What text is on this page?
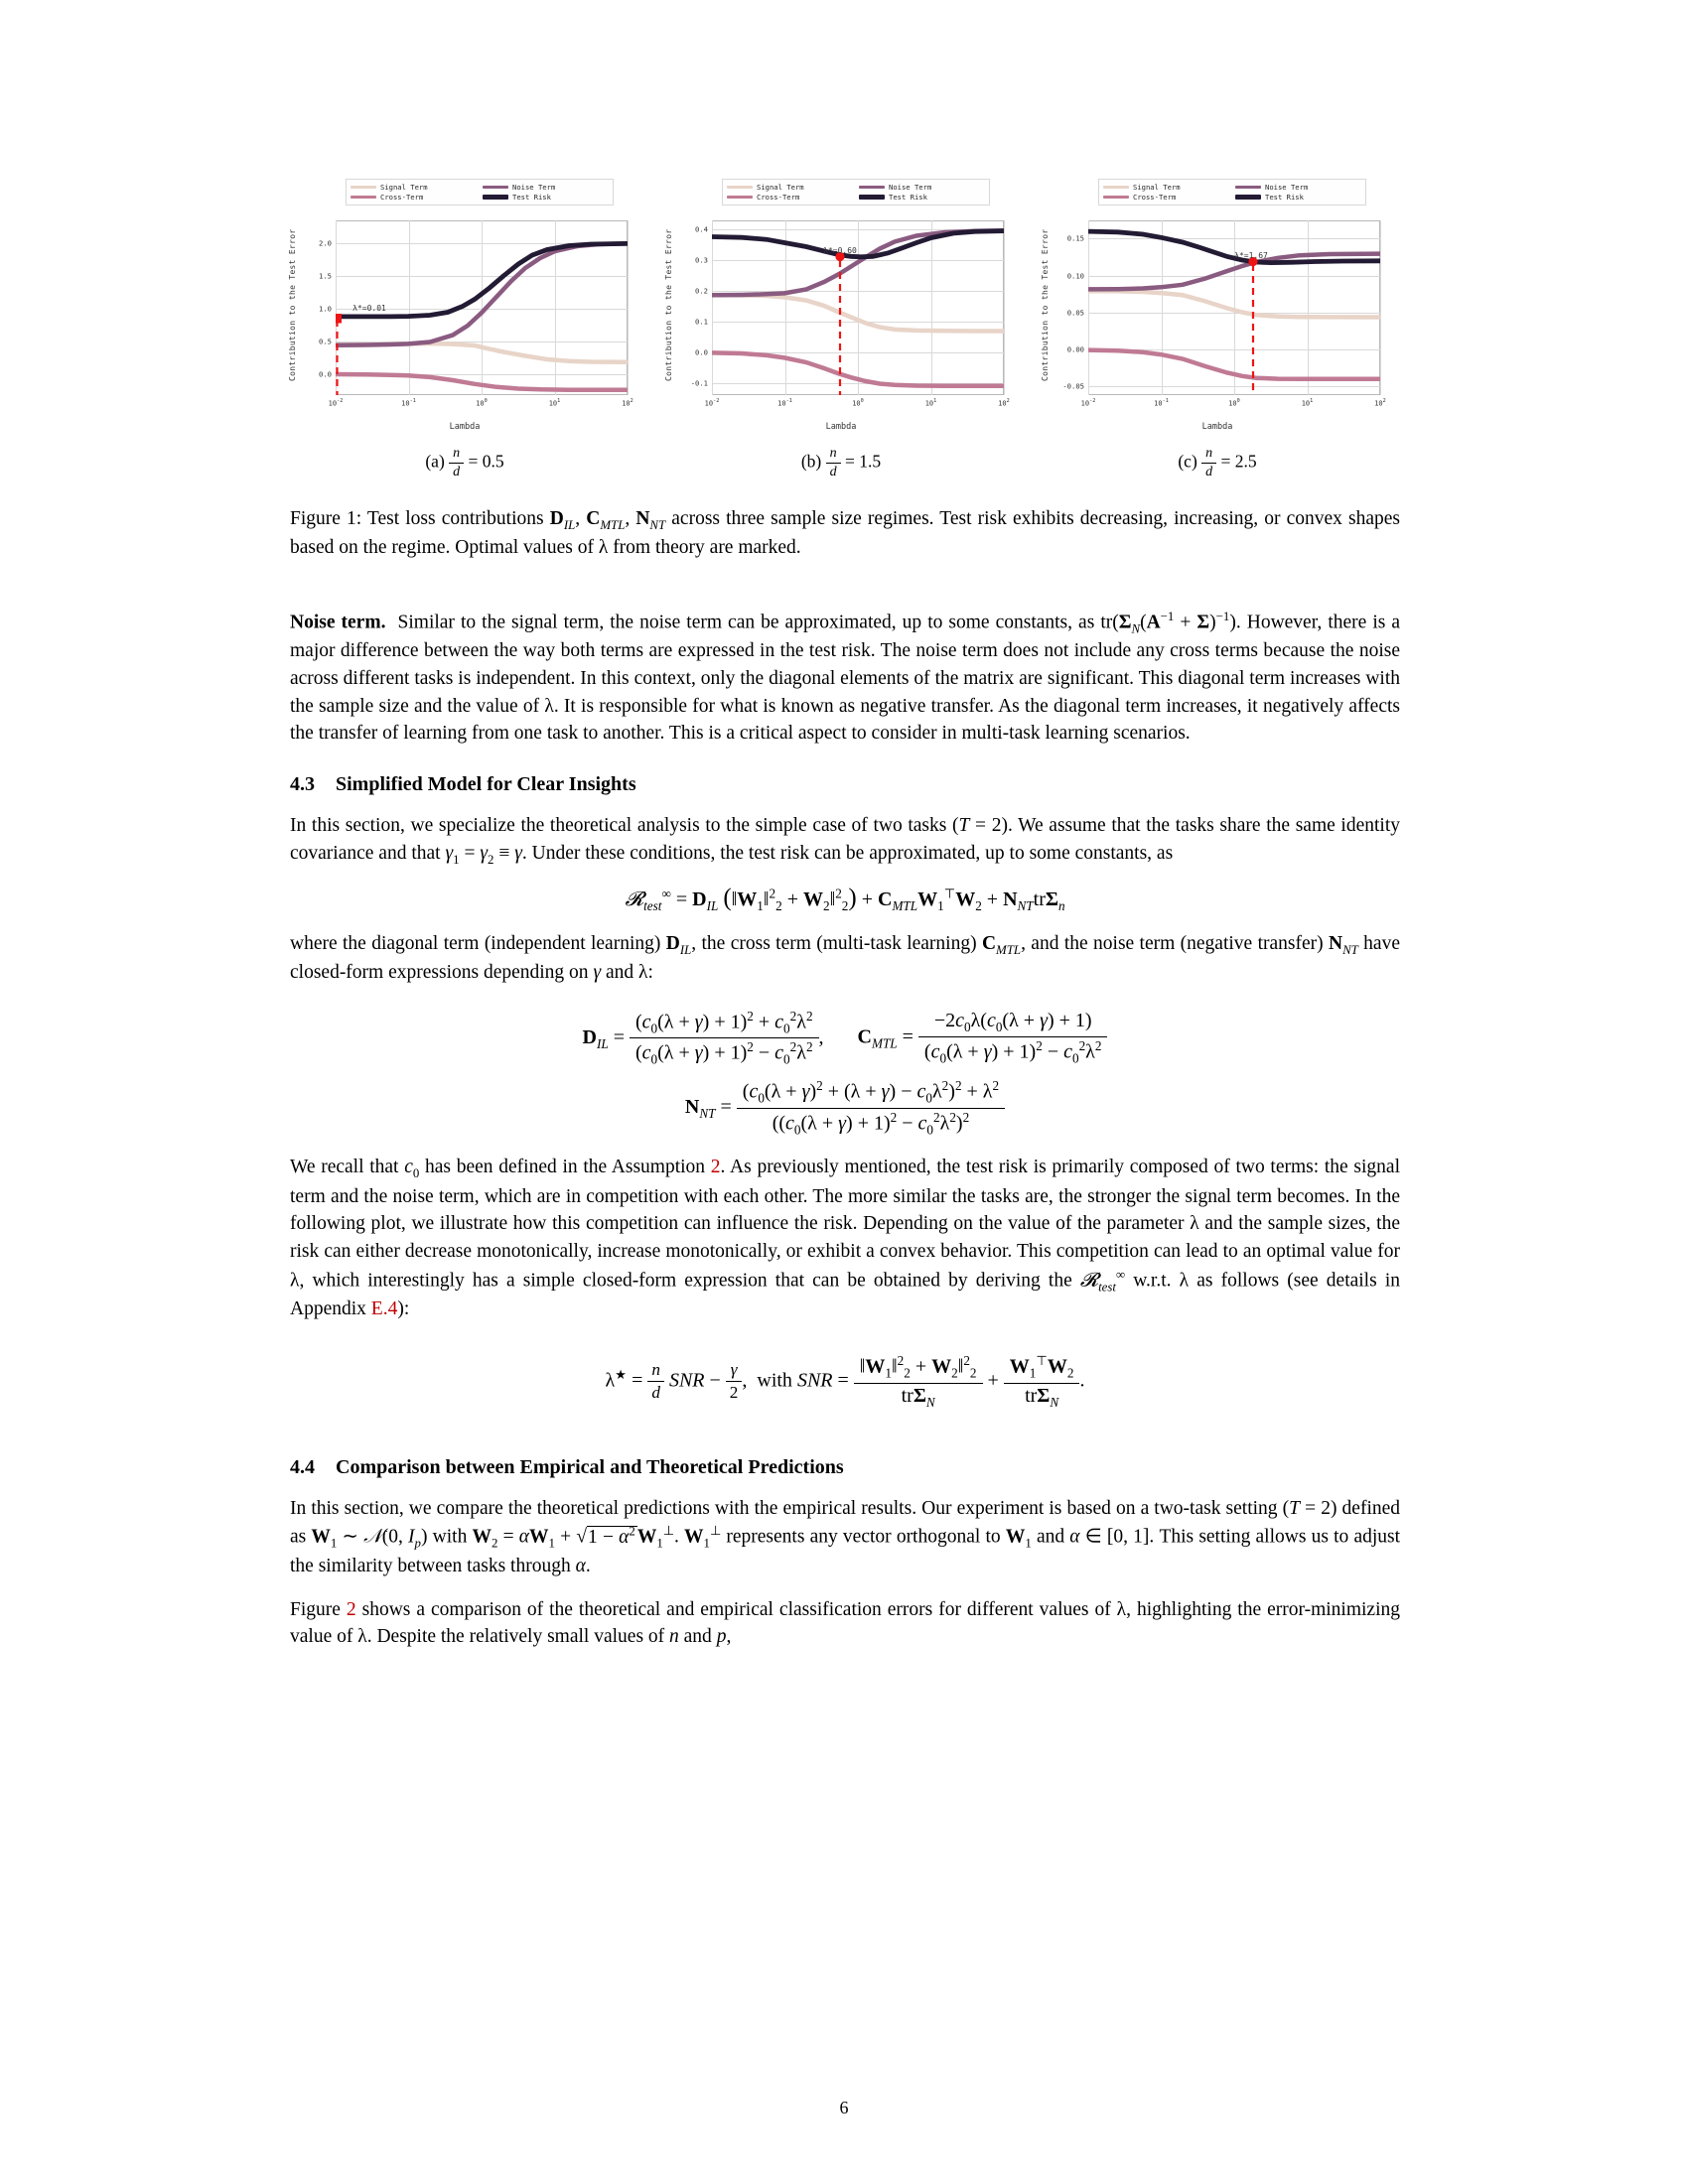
Signal Term	Noise Term
Cross-Term	Test Risk
Contribution to the Test Error	2.0
1.5
1.0
0.5
0.0
$10^{-2}$	$10^{-1}$	$10^0$	$10^1$	$10^2$
λ*=0.01
Lambda
$(a) \frac{n}{d} = 0.5$
Signal Term	Noise Term
Cross-Term	Test Risk
Contribution to the Test Error	0.4
0.3
0.2
0.1
0.0
-0.1
$10^{-2}$	$10^{-1}$	$10^0$	$10^1$	$10^2$
λ*=0.60
Lambda
$(b) \frac{n}{d} = 1.5$
Signal Term	Noise Term
Cross-Term	Test Risk
Contribution to the Test Error 0.15
0.10
0.05
0.00
-0.05
$10^{-2}$	$10^{-1}$	$10^0$	$10^1$	$10^2$
λ*=1.67
Lambda
$(c) \frac{n}{d} = 2.5$
Figure 1: Test loss contributions $D_{IL}$, $C_{MTL}$, $N_{NT}$ across three sample size regimes. Test risk exhibits decreasing, increasing, or convex shapes based on the regime. Optimal values of λ from theory are marked.

Noise term. Similar to the signal term, the noise term can be approximated, up to some constants, as $tr(\Sigma_N(A^{-1} + \Sigma)^{-1})$. However, there is a major difference between the way both terms are expressed in the test risk. The noise term does not include any cross terms because the noise across different tasks is independent. In this context, only the diagonal elements of the matrix are significant. This diagonal term increases with the sample size and the value of λ. It is responsible for what is known as negative transfer. As the diagonal term increases, it negatively affects the transfer of learning from one task to another. This is a critical aspect to consider in multi-task learning scenarios.

4.3 Simplified Model for Clear Insights

In this section, we specialize the theoretical analysis to the simple case of two tasks (T = 2). We assume that the tasks share the same identity covariance and that $\gamma_1 = \gamma_2 \equiv \gamma$. Under these conditions, the test risk can be approximated, up to some constants, as

𝓡$_{test}$∞ = $D_{IL}$ ($‖W_1‖^2_2$ + $W_2‖^2_2) + C_{MTL}W_1^⊤W_2 + N_{NT}tr\Sigma_n$

where the diagonal term (independent learning) $D_{IL}$, the cross term (multi-task learning) $C_{MTL}$, and the noise term (negative transfer) $N_{NT}$ have closed-form expressions depending on γ and λ:

$D_{IL} = \frac{(c_0(\lambda + \gamma) + 1)^2 + c_0^2\lambda^2}{(c_0(\lambda + \gamma) + 1)^2 - c_0^2\lambda^2}$ , $C_{MTL} = \frac{-2c_0\lambda(c_0(\lambda + \gamma) + 1)}{(c_0(\lambda + \gamma) + 1)^2 - c_0^2\lambda^2}$
$N_{NT} = \frac{(c_0(\lambda + \gamma)^2 + (\lambda + \gamma) - c_0\lambda^2)^2 + \lambda^2}{((c_0(\lambda + \gamma) + 1)^2 - c_0^2\lambda^2)^2}$

We recall that $c_0$ has been defined in the Assumption 2. As previously mentioned, the test risk is primarily composed of two terms: the signal term and the noise term, which are in competition with each other. The more similar the tasks are, the stronger the signal term becomes. In the following plot, we illustrate how this competition can influence the risk. Depending on the value of the parameter λ and the sample sizes, the risk can either decrease monotonically, increase monotonically, or exhibit a convex behavior. This competition can lead to an optimal value for λ, which interestingly has a simple closed-form expression that can be obtained by deriving the 𝓡$_{test}$∞ w.r.t. λ as follows (see details in Appendix E.4):

$\lambda^★ = \frac{n}{d}$ SNR − $\frac{\gamma}{2}$ ,  with SNR = $\frac{‖W_1‖^2_2 + W_2‖^2_2}{tr\Sigma_N} + \frac{W_1^⊤W_2}{tr\Sigma_N}$ .
4.4 Comparison between Empirical and Theoretical Predictions

In this section, we compare the theoretical predictions with the empirical results. Our experiment is based on a two-task setting (T = 2) defined as $W_1$ ∼ 𝒩(0, $I_p$) with $W_2 = \alpha W_1 + √1 - \alpha^2$ $W_1^\perp$. $W_1^\perp$ represents any vector orthogonal to $W_1$ and α ∈ [0, 1]. This setting allows us to adjust the similarity between tasks through α.

Figure 2 shows a comparison of the theoretical and empirical classification errors for different values of λ, highlighting the error-minimizing value of λ. Despite the relatively small values of n and p,

6
